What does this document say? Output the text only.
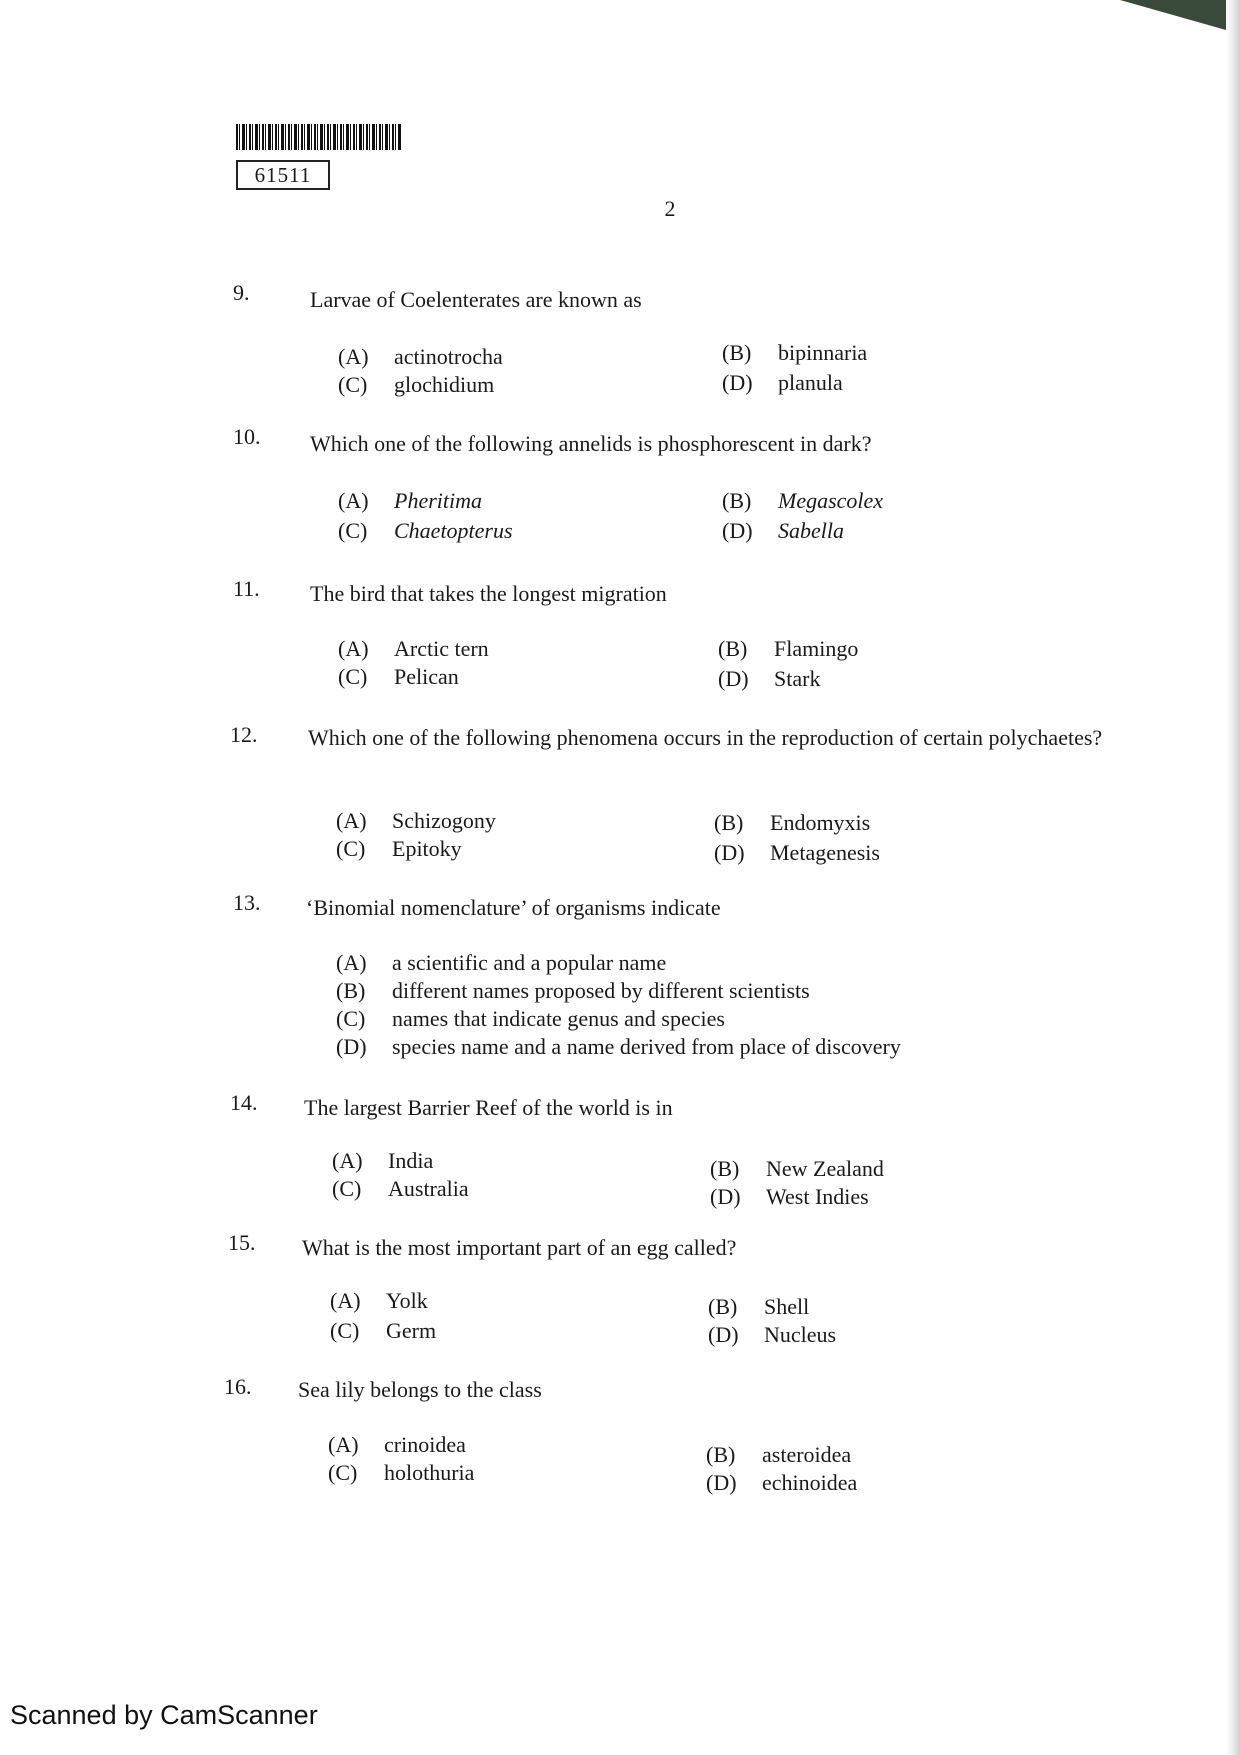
61511
2
9.	Larvae of Coelenterates are known as
(A) actinotrocha	(B) bipinnaria
(C) glochidium	(D) planula
10. Which one of the following annelids is phosphorescent in dark?
(A) Pheritima	(B) Megascolex
(C) Chaetopterus	(D) Sabella
11. The bird that takes the longest migration
(A) Arctic tern	(B) Flamingo
(C) Pelican	(D) Stark
12. Which one of the following phenomena occurs in the reproduction of certain polychaetes?
(A) Schizogony	(B) Endomyxis
(C) Epitoky	(D) Metagenesis
13. ‘Binomial nomenclature’ of organisms indicate
(A) a scientific and a popular name
(B) different names proposed by different scientists
(C) names that indicate genus and species
(D) species name and a name derived from place of discovery
14. The largest Barrier Reef of the world is in
(A) India	(B) New Zealand
(C) Australia	(D) West Indies
15. What is the most important part of an egg called?
(A) Yolk	(B) Shell
(C) Germ	(D) Nucleus
16. Sea lily belongs to the class
(A) crinoidea	(B) asteroidea
(C) holothuria	(D) echinoidea
Scanned by CamScanner
